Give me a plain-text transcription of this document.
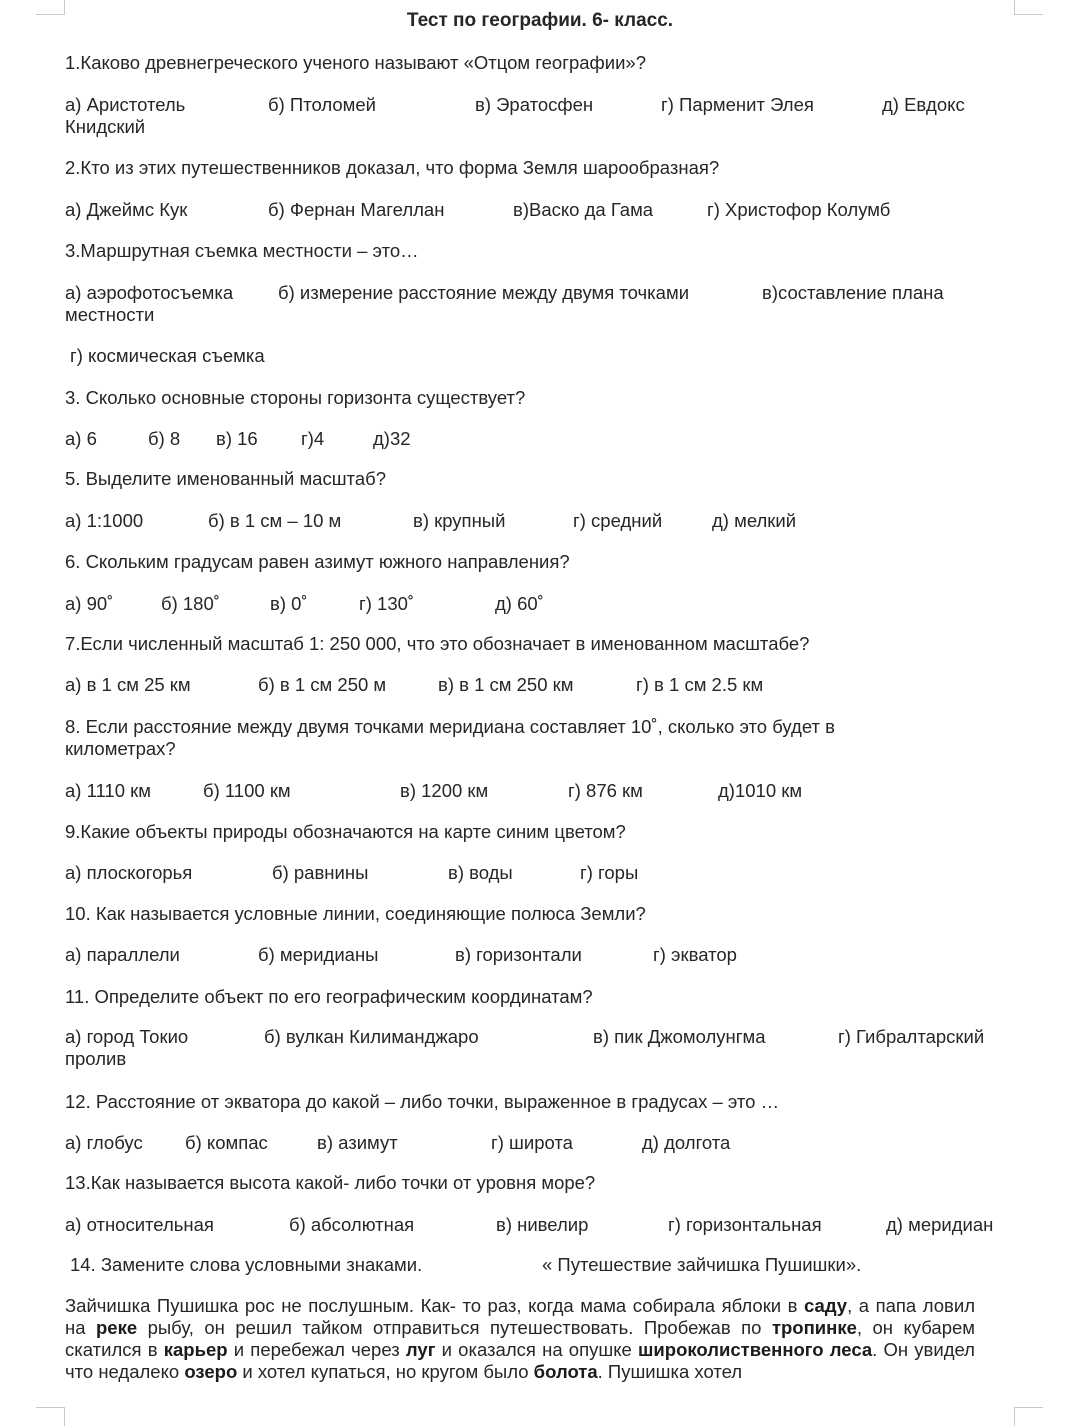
Тест по географии. 6- класс.
1.Каково древнегреческого ученого называют «Отцом географии»?
а) Аристотель	б) Птоломей	в) Эратосфен	г) Парменит Элея	д) Евдокс
Книдский
2.Кто из этих путешественников доказал, что форма Земля шарообразная?
а) Джеймс Кук	б) Фернан Магеллан	в)Васко да Гама	г) Христофор Колумб
3.Маршрутная съемка местности – это…
а) аэрофотосъемка б) измерение расстояние между двумя точками	в)составление плана
местности
г) космическая съемка
3. Сколько основные стороны горизонта существует?
а) 6	б) 8 в) 16 г)4	д)32
5. Выделите именованный масштаб?
а) 1:1000	б) в 1 см – 10 м	в) крупный	г) средний	д) мелкий
6. Скольким градусам равен азимут южного направления?
а) 90˚	б) 180˚	в) 0˚	г) 130˚	д) 60˚
7.Если численный масштаб 1: 250 000, что это обозначает в именованном масштабе?
а) в 1 см 25 км	б) в 1 см 250 м	в) в 1 см 250 км	г) в 1 см 2.5 км
8. Если расстояние между двумя точками меридиана составляет 10˚, сколько это будет в километрах?
а) 1110 км	б) 1100 км	в) 1200 км	г) 876 км	д)1010 км
9.Какие объекты природы обозначаются на карте синим цветом?
а) плоскогорья	б) равнины	в) воды	г) горы
10. Как называется условные линии, соединяющие полюса Земли?
а) параллели	б) меридианы	в) горизонтали	г) экватор
11. Определите объект по его географическим координатам?
а) город Токио	б) вулкан Килиманджаро	в) пик Джомолунгма	г) Гибралтарский
пролив
12. Расстояние от экватора до какой – либо точки, выраженное в градусах – это …
а) глобус б) компас	в) азимут	г) широта	д) долгота
13.Как называется высота какой- либо точки от уровня море?
а) относительная	б) абсолютная	в) нивелир	г) горизонтальная	д) меридиан
14. Замените слова условными знаками.	« Путешествие зайчишка Пушишки».
Зайчишка Пушишка рос не послушным. Как- то раз, когда мама собирала яблоки в саду, а папа ловил на реке рыбу, он решил тайком отправиться путешествовать. Пробежав по тропинке, он кубарем скатился в карьер и перебежал через луг и оказался на опушке широколиственного леса. Он увидел что недалеко озеро и хотел купаться, но кругом было болота. Пушишка хотел
